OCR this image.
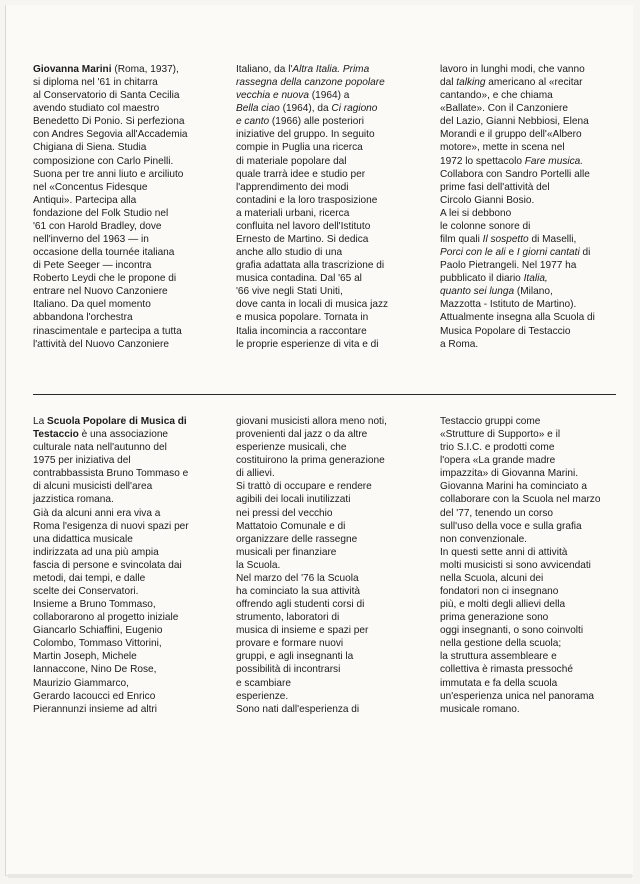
Giovanna Marini (Roma, 1937),

si diploma nel '61 in chitarra

al Conservatorio di Santa Cecilia

avendo studiato col maestro

Benedetto Di Ponio. Si perfeziona

con Andres Segovia all'Accademia

Chigiana di Siena. Studia

composizione con Carlo Pinelli.

Suona per tre anni liuto e arciliuto

nel «Concentus Fidesque

Antiqui». Partecipa alla

fondazione del Folk Studio nel

'61 con Harold Bradley, dove

nell'inverno del 1963 — in

occasione della tournée italiana

di Pete Seeger — incontra

Roberto Leydi che le propone di

entrare nel Nuovo Canzoniere

Italiano. Da quel momento

abbandona l'orchestra

rinascimentale e partecipa a tutta

l'attività del Nuovo Canzoniere

Italiano, da l'Altra Italia. Prima

rassegna della canzone popolare

vecchia e nuova (1964) a

Bella ciao (1964), da Ci ragiono

e canto (1966) alle posteriori

iniziative del gruppo. In seguito

compie in Puglia una ricerca

di materiale popolare dal

quale trarrà idee e studio per

l'apprendimento dei modi

contadini e la loro trasposizione

a materiali urbani, ricerca

confluita nel lavoro dell'Istituto

Ernesto de Martino. Si dedica

anche allo studio di una

grafia adattata alla trascrizione di

musica contadina. Dal '65 al

'66 vive negli Stati Uniti,

dove canta in locali di musica jazz

e musica popolare. Tornata in

Italia incomincia a raccontare

le proprie esperienze di vita e di

lavoro in lunghi modi, che vanno

dal talking americano al «recitar

cantando», e che chiama

«Ballate». Con il Canzoniere

del Lazio, Gianni Nebbiosi, Elena

Morandi e il gruppo dell'«Albero

motore», mette in scena nel

1972 lo spettacolo Fare musica.

Collabora con Sandro Portelli alle

prime fasi dell'attività del

Circolo Gianni Bosio.

A lei si debbono

le colonne sonore di

film quali Il sospetto di Maselli,

Porci con le ali e I giorni cantati di

Paolo Pietrangeli. Nel 1977 ha

pubblicato il diario Italia,

quanto sei lunga (Milano,

Mazzotta - Istituto de Martino).

Attualmente insegna alla Scuola di

Musica Popolare di Testaccio

a Roma.

La Scuola Popolare di Musica di

Testaccio è una associazione

culturale nata nell'autunno del

1975 per iniziativa del

contrabbassista Bruno Tommaso e

di alcuni musicisti dell'area

jazzistica romana.

Già da alcuni anni era viva a

Roma l'esigenza di nuovi spazi per

una didattica musicale

indirizzata ad una più ampia

fascia di persone e svincolata dai

metodi, dai tempi, e dalle

scelte dei Conservatori.

Insieme a Bruno Tommaso,

collaborarono al progetto iniziale

Giancarlo Schiaffini, Eugenio

Colombo, Tommaso Vittorini,

Martin Joseph, Michele

Iannaccone, Nino De Rose,

Maurizio Giammarco,

Gerardo Iacoucci ed Enrico

Pierannunzi insieme ad altri

giovani musicisti allora meno noti,

provenienti dal jazz o da altre

esperienze musicali, che

costituirono la prima generazione

di allievi.

Si trattò di occupare e rendere

agibili dei locali inutilizzati

nei pressi del vecchio

Mattatoio Comunale e di

organizzare delle rassegne

musicali per finanziare

la Scuola.

Nel marzo del '76 la Scuola

ha cominciato la sua attività

offrendo agli studenti corsi di

strumento, laboratori di

musica di insieme e spazi per

provare e formare nuovi

gruppi, e agli insegnanti la

possibilità di incontrarsi

e scambiare

esperienze.

Sono nati dall'esperienza di

Testaccio gruppi come

«Strutture di Supporto» e il

trio S.I.C. e prodotti come

l'opera «La grande madre

impazzita» di Giovanna Marini.

Giovanna Marini ha cominciato a

collaborare con la Scuola nel marzo

del '77, tenendo un corso

sull'uso della voce e sulla grafia

non convenzionale.

In questi sette anni di attività

molti musicisti si sono avvicendati

nella Scuola, alcuni dei

fondatori non ci insegnano

più, e molti degli allievi della

prima generazione sono

oggi insegnanti, o sono coinvolti

nella gestione della scuola;

la struttura assembleare e

collettiva è rimasta pressoché

immutata e fa della scuola

un'esperienza unica nel panorama

musicale romano.
